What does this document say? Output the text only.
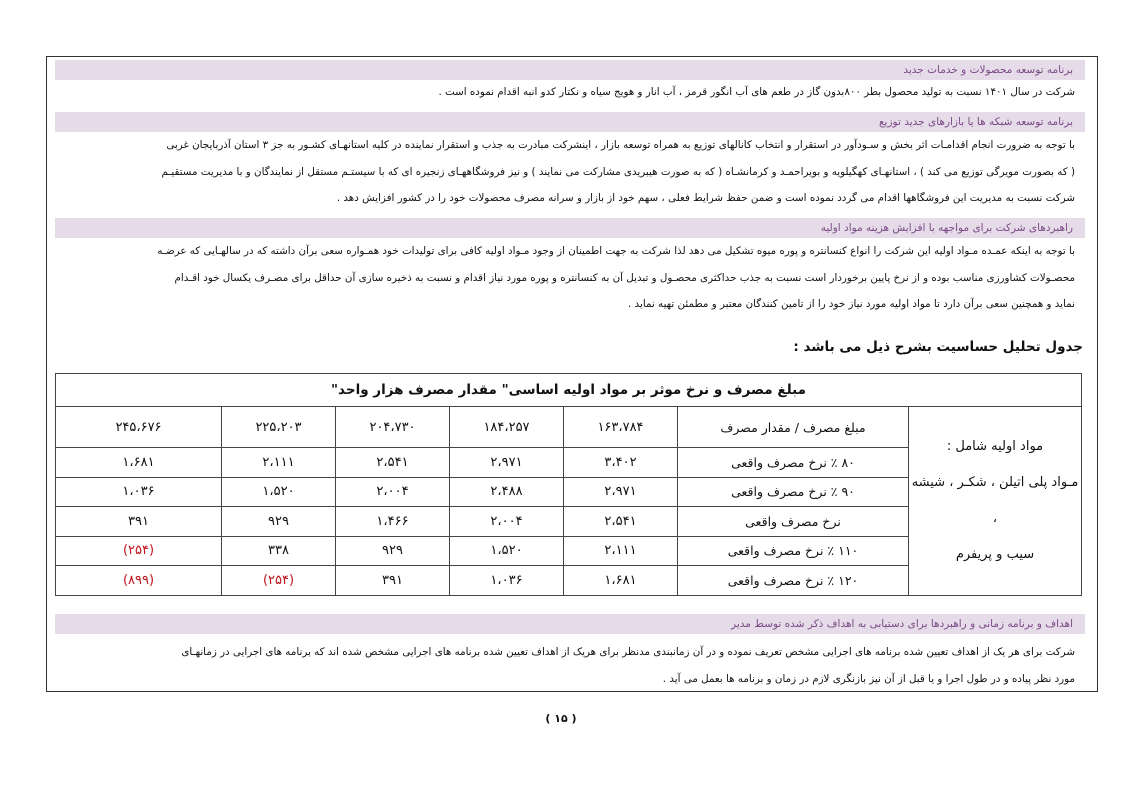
برنامه توسعه محصولات و خدمات جدید

شرکت در سال ۱۴۰۱ نسبت به تولید محصول بطر ۸۰۰بدون گاز در طعم های آب انگور قرمز ، آب انار و هویج سیاه و نکتار کدو انبه اقدام نموده است .

برنامه توسعه شبکه ها یا بازارهای جدید توزیع

با توجه به ضرورت انجام اقدامـات اثر بخش و سـودآور در استقرار و انتخاب کانالهای توزیع به همراه توسعه بازار ، اینشرکت مبادرت به جذب و استقرار نماینده در کلیه استانهـای کشـور به جز ۳ استان آذربایجان غربی

( که بصورت مویرگی توزیع می کند ) ، استانهـای کهگیلویه و بویراحمـد و کرمانشـاه ( که به صورت هیبریدی مشارکت می نمایند ) و نیز فروشگاههـای زنجیره ای که با سیستـم مستقل از نمایندگان و با مدیریت مستقیـم

شرکت نسبت به مدیریت این فروشگاهها اقدام می گردد نموده است و ضمن حفظ شرایط فعلی ، سهم خود از بازار و سرانه مصرف محصولات خود را در کشور افزایش دهد .

راهبردهای شرکت برای مواجهه با افزایش هزینه مواد اولیه

با توجه به اینکه عمـده مـواد اولیه این شرکت را انواع کنسانتره و پوره میوه تشکیل می دهد لذا شرکت به جهت اطمینان از وجود مـواد اولیه کافی برای تولیدات خود همـواره سعی برآن داشته که در سالهـایی که عرضـه

محصـولات کشاورزی مناسب بوده و از نرخ پایین برخوردار است نسبت به جذب حداکثری محصـول و تبدیل آن به کنسانتره و پوره مورد نیاز اقدام و نسبت به ذخیره سازی آن حداقل برای مصـرف یکسال خود اقـدام

نماید و همچنین سعی برآن دارد تا مواد اولیه مورد نیاز خود را از تامین کنندگان معتبر و مطمئن تهیه نماید .

جدول تحلیل حساسیت بشرح ذیل می باشد :
مبلغ مصرف و نرخ موثر بر مواد اولیه اساسی" مقدار مصرف هزار واحد"						

مواد اولیه شامل :
مـواد پلی اتیلن ، شکـر ، شیشه ،
سیب و پریفرم	مبلغ مصرف / مقدار مصرف	۱۶۳،۷۸۴	۱۸۴،۲۵۷	۲۰۴،۷۳۰	۲۲۵،۲۰۳	۲۴۵،۶۷۶
	۸۰ ٪ نرخ مصرف واقعی	۳،۴۰۲	۲،۹۷۱	۲،۵۴۱	۲،۱۱۱	۱،۶۸۱
	۹۰ ٪ نرخ مصرف واقعی	۲،۹۷۱	۲،۴۸۸	۲،۰۰۴	۱،۵۲۰	۱،۰۳۶
	نرخ مصرف واقعی	۲،۵۴۱	۲،۰۰۴	۱،۴۶۶	۹۲۹	۳۹۱
	۱۱۰ ٪ نرخ مصرف واقعی	۲،۱۱۱	۱،۵۲۰	۹۲۹	۳۳۸	(۲۵۴)
	۱۲۰ ٪ نرخ مصرف واقعی	۱،۶۸۱	۱،۰۳۶	۳۹۱	(۲۵۴)	(۸۹۹)
اهداف و برنامه زمانی و راهبردها برای دستیابی به اهداف ذکر شده توسط مدیر

شرکت برای هر یک از اهداف تعیین شده برنامه های اجرایی مشخص تعریف نموده و در آن زمانبندی مدنظر برای هریک از اهداف تعیین شده برنامه های اجرایی مشخص شده اند که برنامه های اجرایی در زمانهـای

مورد نظر پیاده و در طول اجرا و یا قبل از آن نیز بازنگری لازم در زمان و برنامه ها بعمل می آید .

( ۱۵ )
